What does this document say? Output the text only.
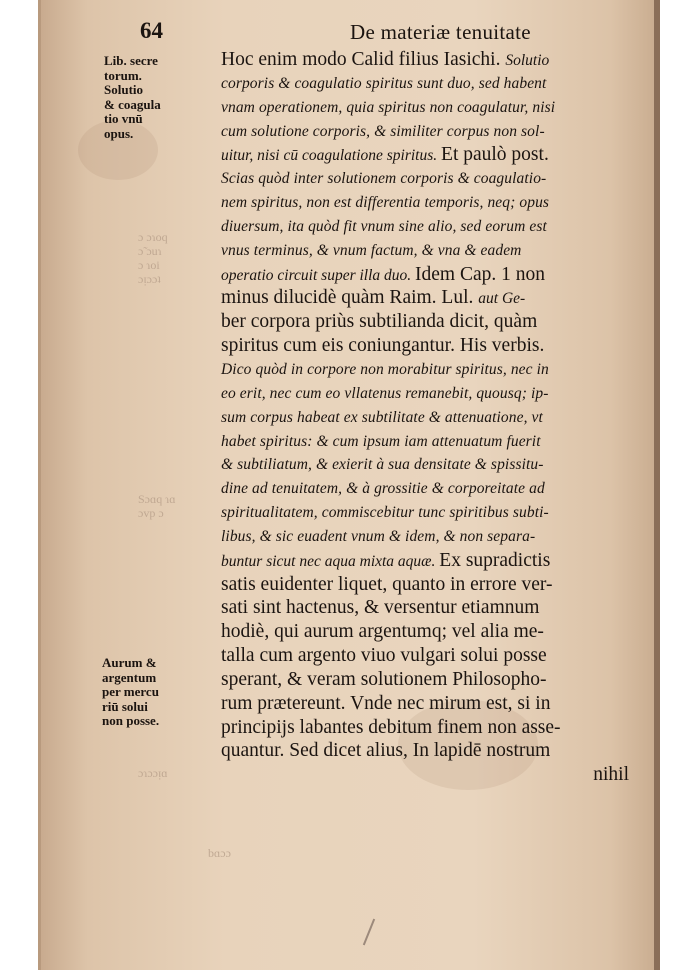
64	De materiæ tenuitate
Lib. secre
torum.
Solutio
& coagula
tio vnū
opus.
Aurum &
argentum
per mercu
riū solui
non posse.
ɔ ɔɿoq
ɔ̃ ɔuɿ
ɔ ɿoi
ɔᴉɔɔʇ
Sɔɑq ɿɑ
ɔvp ɔ
ɔɿɔɔᴉɑ
bɑɔɔ
Hoc enim modo Calid filius Iasichi. Solutio
corporis & coagulatio spiritus sunt duo, sed habent
vnam operationem, quia spiritus non coagulatur, nisi
cum solutione corporis, & similiter corpus non sol-
uitur, nisi cū coagulatione spiritus. Et paulò post.
Scias quòd inter solutionem corporis & coagulatio-
nem spiritus, non est differentia temporis, neq; opus
diuersum, ita quòd fit vnum sine alio, sed eorum est
vnus terminus, & vnum factum, & vna & eadem
operatio circuit super illa duo. Idem Cap. 1 non
minus dilucidè quàm Raim. Lul. aut Ge-
ber corpora priùs subtilianda dicit, quàm
spiritus cum eis coniungantur. His verbis.
Dico quòd in corpore non morabitur spiritus, nec in
eo erit, nec cum eo vllatenus remanebit, quousq; ip-
sum corpus habeat ex subtilitate & attenuatione, vt
habet spiritus: & cum ipsum iam attenuatum fuerit
& subtiliatum, & exierit à sua densitate & spissitu-
dine ad tenuitatem, & à grossitie & corporeitate ad
spiritualitatem, commiscebitur tunc spiritibus subti-
libus, & sic euadent vnum & idem, & non separa-
buntur sicut nec aqua mixta aquæ. Ex supradictis
satis euidenter liquet, quanto in errore ver-
sati sint hactenus, & versentur etiamnum
hodiè, qui aurum argentumq; vel alia me-
talla cum argento viuo vulgari solui posse
sperant, & veram solutionem Philosopho-
rum prætereunt. Vnde nec mirum est, si in
principijs labantes debitum finem non asse-
quantur. Sed dicet alius, In lapidē nostrum
nihil
